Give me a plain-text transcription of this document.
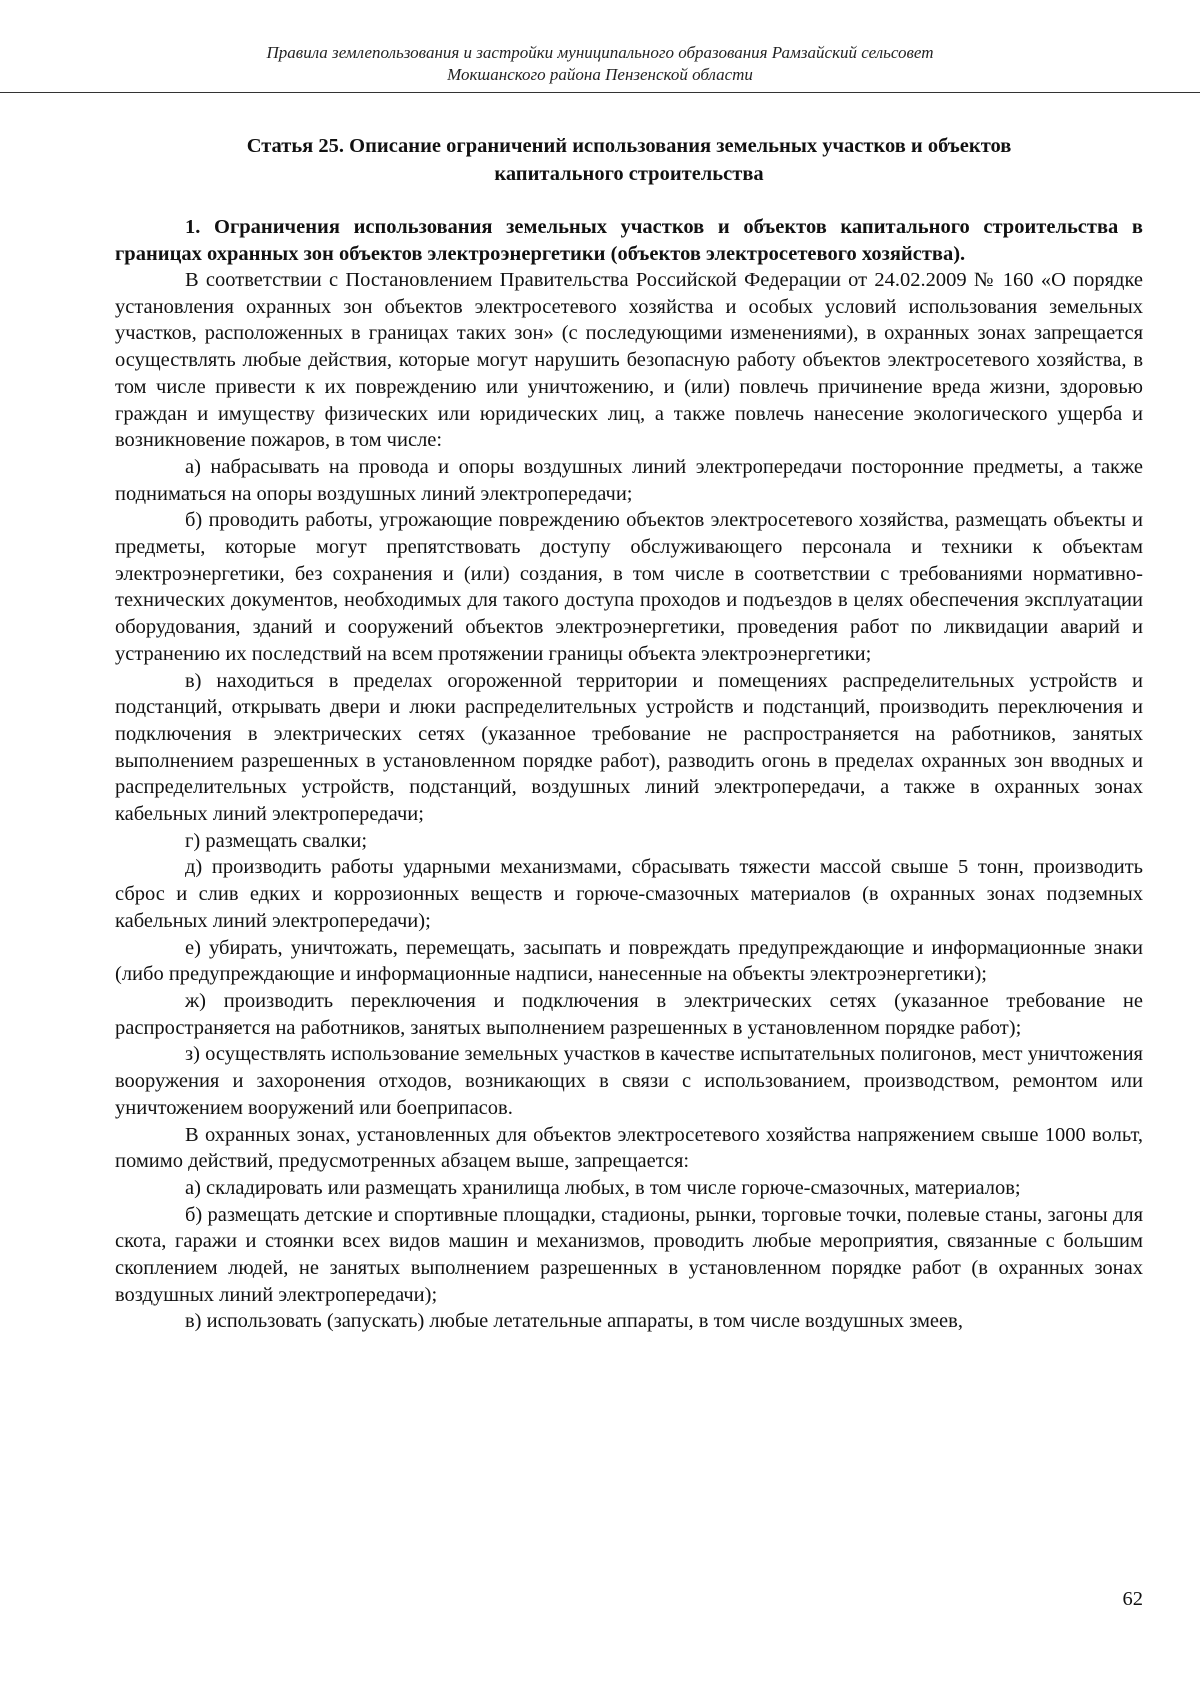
Правила землепользования и застройки муниципального образования Рамзайский сельсовет
Мокшанского района Пензенской области
Статья 25. Описание ограничений использования земельных участков и объектов
капитального строительства

1. Ограничения использования земельных участков и объектов капитального строительства в границах охранных зон объектов электроэнергетики (объектов электросетевого хозяйства).

В соответствии с Постановлением Правительства Российской Федерации от 24.02.2009 № 160 «О порядке установления охранных зон объектов электросетевого хозяйства и особых условий использования земельных участков, расположенных в границах таких зон» (с последующими изменениями), в охранных зонах запрещается осуществлять любые действия, которые могут нарушить безопасную работу объектов электросетевого хозяйства, в том числе привести к их повреждению или уничтожению, и (или) повлечь причинение вреда жизни, здоровью граждан и имуществу физических или юридических лиц, а также повлечь нанесение экологического ущерба и возникновение пожаров, в том числе:

а) набрасывать на провода и опоры воздушных линий электропередачи посторонние предметы, а также подниматься на опоры воздушных линий электропередачи;

б) проводить работы, угрожающие повреждению объектов электросетевого хозяйства, размещать объекты и предметы, которые могут препятствовать доступу обслуживающего персонала и техники к объектам электроэнергетики, без сохранения и (или) создания, в том числе в соответствии с требованиями нормативно-технических документов, необходимых для такого доступа проходов и подъездов в целях обеспечения эксплуатации оборудования, зданий и сооружений объектов электроэнергетики, проведения работ по ликвидации аварий и устранению их последствий на всем протяжении границы объекта электроэнергетики;

в) находиться в пределах огороженной территории и помещениях распределительных устройств и подстанций, открывать двери и люки распределительных устройств и подстанций, производить переключения и подключения в электрических сетях (указанное требование не распространяется на работников, занятых выполнением разрешенных в установленном порядке работ), разводить огонь в пределах охранных зон вводных и распределительных устройств, подстанций, воздушных линий электропередачи, а также в охранных зонах кабельных линий электропередачи;

г) размещать свалки;

д) производить работы ударными механизмами, сбрасывать тяжести массой свыше 5 тонн, производить сброс и слив едких и коррозионных веществ и горюче-смазочных материалов (в охранных зонах подземных кабельных линий электропередачи);

е) убирать, уничтожать, перемещать, засыпать и повреждать предупреждающие и информационные знаки (либо предупреждающие и информационные надписи, нанесенные на объекты электроэнергетики);

ж) производить переключения и подключения в электрических сетях (указанное требование не распространяется на работников, занятых выполнением разрешенных в установленном порядке работ);

з) осуществлять использование земельных участков в качестве испытательных полигонов, мест уничтожения вооружения и захоронения отходов, возникающих в связи с использованием, производством, ремонтом или уничтожением вооружений или боеприпасов.

В охранных зонах, установленных для объектов электросетевого хозяйства напряжением свыше 1000 вольт, помимо действий, предусмотренных абзацем выше, запрещается:

а) складировать или размещать хранилища любых, в том числе горюче-смазочных, материалов;

б) размещать детские и спортивные площадки, стадионы, рынки, торговые точки, полевые станы, загоны для скота, гаражи и стоянки всех видов машин и механизмов, проводить любые мероприятия, связанные с большим скоплением людей, не занятых выполнением разрешенных в установленном порядке работ (в охранных зонах воздушных линий электропередачи);

в) использовать (запускать) любые летательные аппараты, в том числе воздушных змеев,

62
